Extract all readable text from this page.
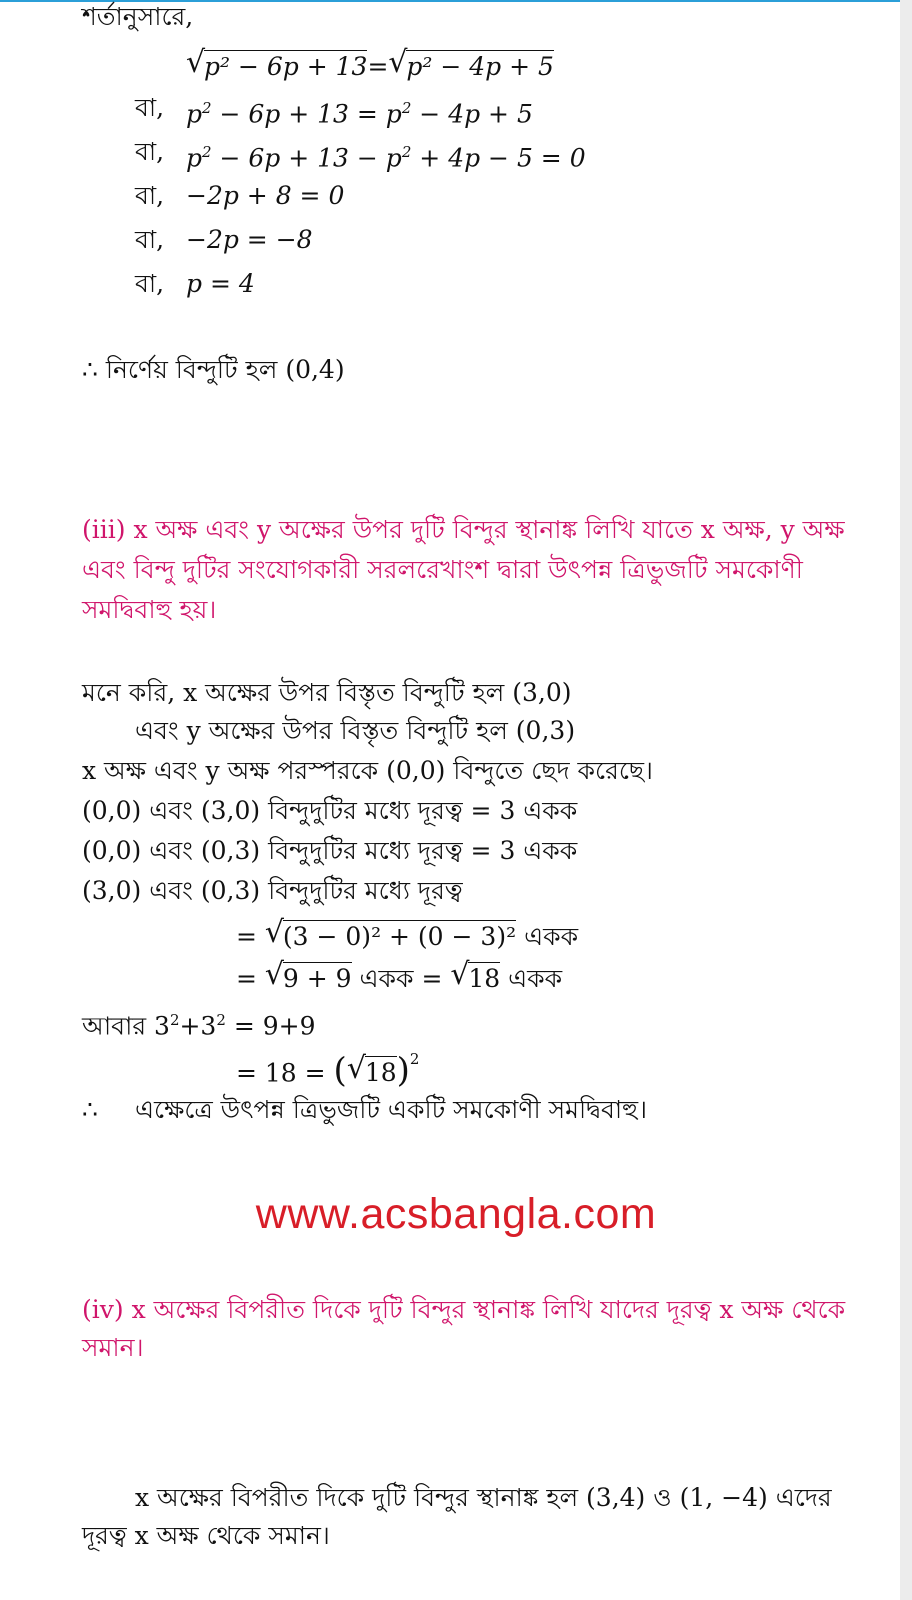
শর্তানুসারে,
√ p² − 6p + 13= √ p² − 4p + 5
বা, $p^2 - 6p + 13 = p^2 - 4p + 5$
বা, $p^2 - 6p + 13 - p^2 + 4p - 5 = 0$
বা, −2p + 8 = 0
বা, −2p = −8
বা, p = 4
∴ নির্ণেয় বিন্দুটি হল (0,4)
(iii) x অক্ষ এবং y অক্ষের উপর দুটি বিন্দুর স্থানাঙ্ক লিখি যাতে x অক্ষ, y অক্ষ
এবং বিন্দু দুটির সংযোগকারী সরলরেখাংশ দ্বারা উৎপন্ন ত্রিভুজটি সমকোণী
সমদ্বিবাহু হয়।
মনে করি, x অক্ষের উপর বিস্তৃত বিন্দুটি হল (3,0)
এবং y অক্ষের উপর বিস্তৃত বিন্দুটি হল (0,3)
x অক্ষ এবং y অক্ষ পরস্পরকে (0,0) বিন্দুতে ছেদ করেছে।
(0,0) এবং (3,0) বিন্দুদুটির মধ্যে দূরত্ব = 3 একক
(0,0) এবং (0,3) বিন্দুদুটির মধ্যে দূরত্ব = 3 একক
(3,0) এবং (0,3) বিন্দুদুটির মধ্যে দূরত্ব
= √ (3 − 0)² + (0 − 3)² একক
= √ 9 + 9 একক = √ 18 একক
আবার $3^2+3^2 = 9+9$
= 18 = ( √ 18)$^2$
∴ এক্ষেত্রে উৎপন্ন ত্রিভুজটি একটি সমকোণী সমদ্বিবাহু।
www.acsbangla.com
(iv) x অক্ষের বিপরীত দিকে দুটি বিন্দুর স্থানাঙ্ক লিখি যাদের দূরত্ব x অক্ষ থেকে
সমান।
x অক্ষের বিপরীত দিকে দুটি বিন্দুর স্থানাঙ্ক হল (3,4) ও (1, −4) এদের
দূরত্ব x অক্ষ থেকে সমান।
